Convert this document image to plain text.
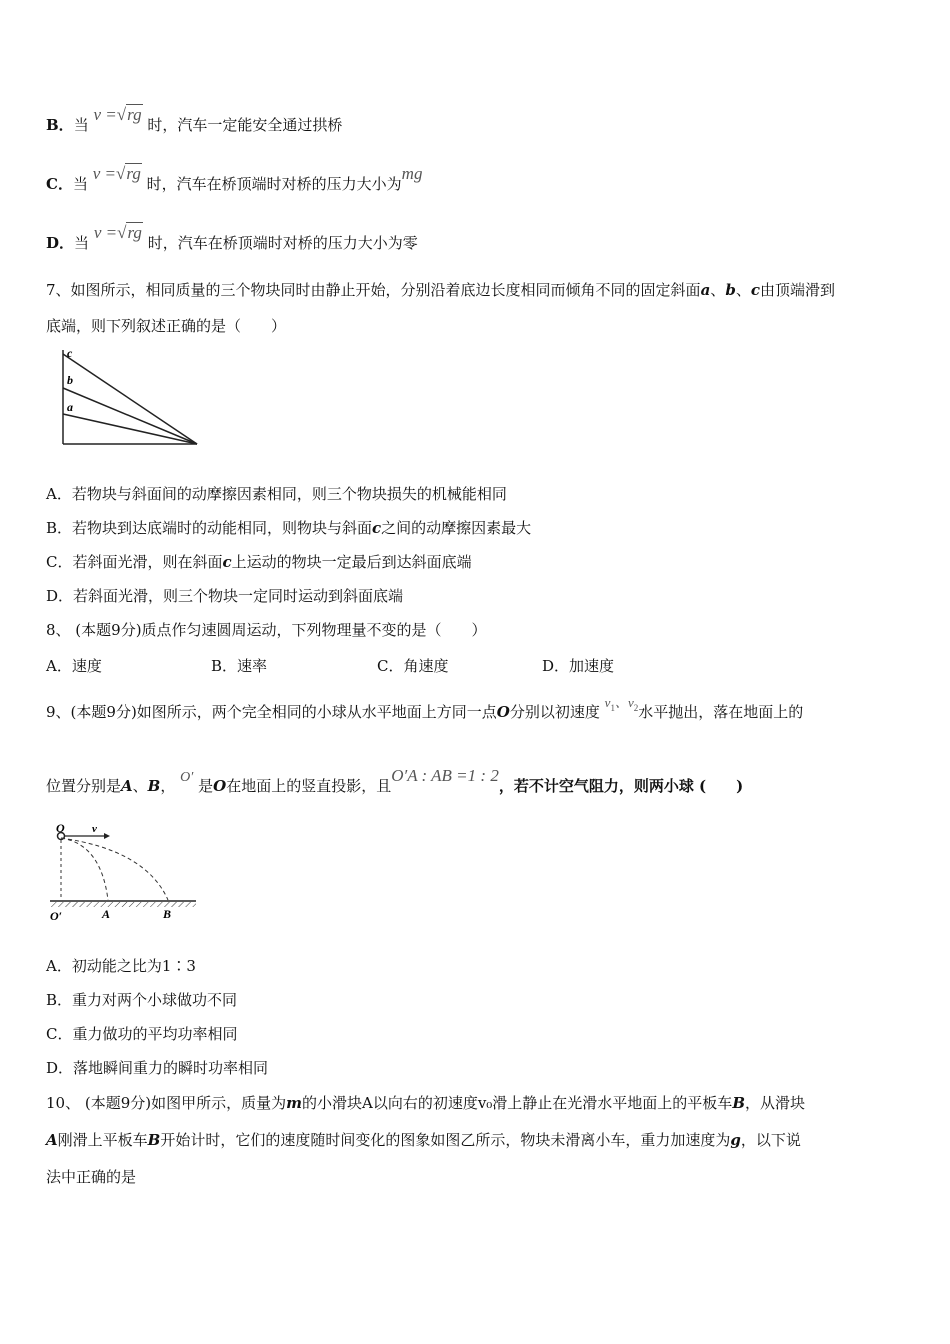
B．当 v =√rg 时，汽车一定能安全通过拱桥
C．当 v =√rg 时，汽车在桥顶端时对桥的压力大小为mg
D．当 v =√rg 时，汽车在桥顶端时对桥的压力大小为零
7、如图所示，相同质量的三个物块同时由静止开始，分别沿着底边长度相同而倾角不同的固定斜面a、b、c由顶端滑到
底端，则下列叙述正确的是（　　）
c
b
a
A．若物块与斜面间的动摩擦因素相同，则三个物块损失的机械能相同
B．若物块到达底端时的动能相同，则物块与斜面c之间的动摩擦因素最大
C．若斜面光滑，则在斜面c上运动的物块一定最后到达斜面底端
D．若斜面光滑，则三个物块一定同时运动到斜面底端
8、 (本题9分)质点作匀速圆周运动，下列物理量不变的是（　　）
A．速度	B．速率	C．角速度	D．加速度
9、(本题9分)如图所示，两个完全相同的小球从水平地面上方同一点O分别以初速度 $v_1$、$v_2$水平抛出，落在地面上的
位置分别是A、B， O′ 是O在地面上的竖直投影，且O′A : AB =1 : 2，若不计空气阻力，则两小球 (　　)
O v
O′	A	B
A．初动能之比为1∶3
B．重力对两个小球做功不同
C．重力做功的平均功率相同
D．落地瞬间重力的瞬时功率相同
10、 (本题9分)如图甲所示，质量为m的小滑块A以向右的初速度v₀滑上静止在光滑水平地面上的平板车B，从滑块
A刚滑上平板车B开始计时，它们的速度随时间变化的图象如图乙所示，物块未滑离小车，重力加速度为g，以下说
法中正确的是
